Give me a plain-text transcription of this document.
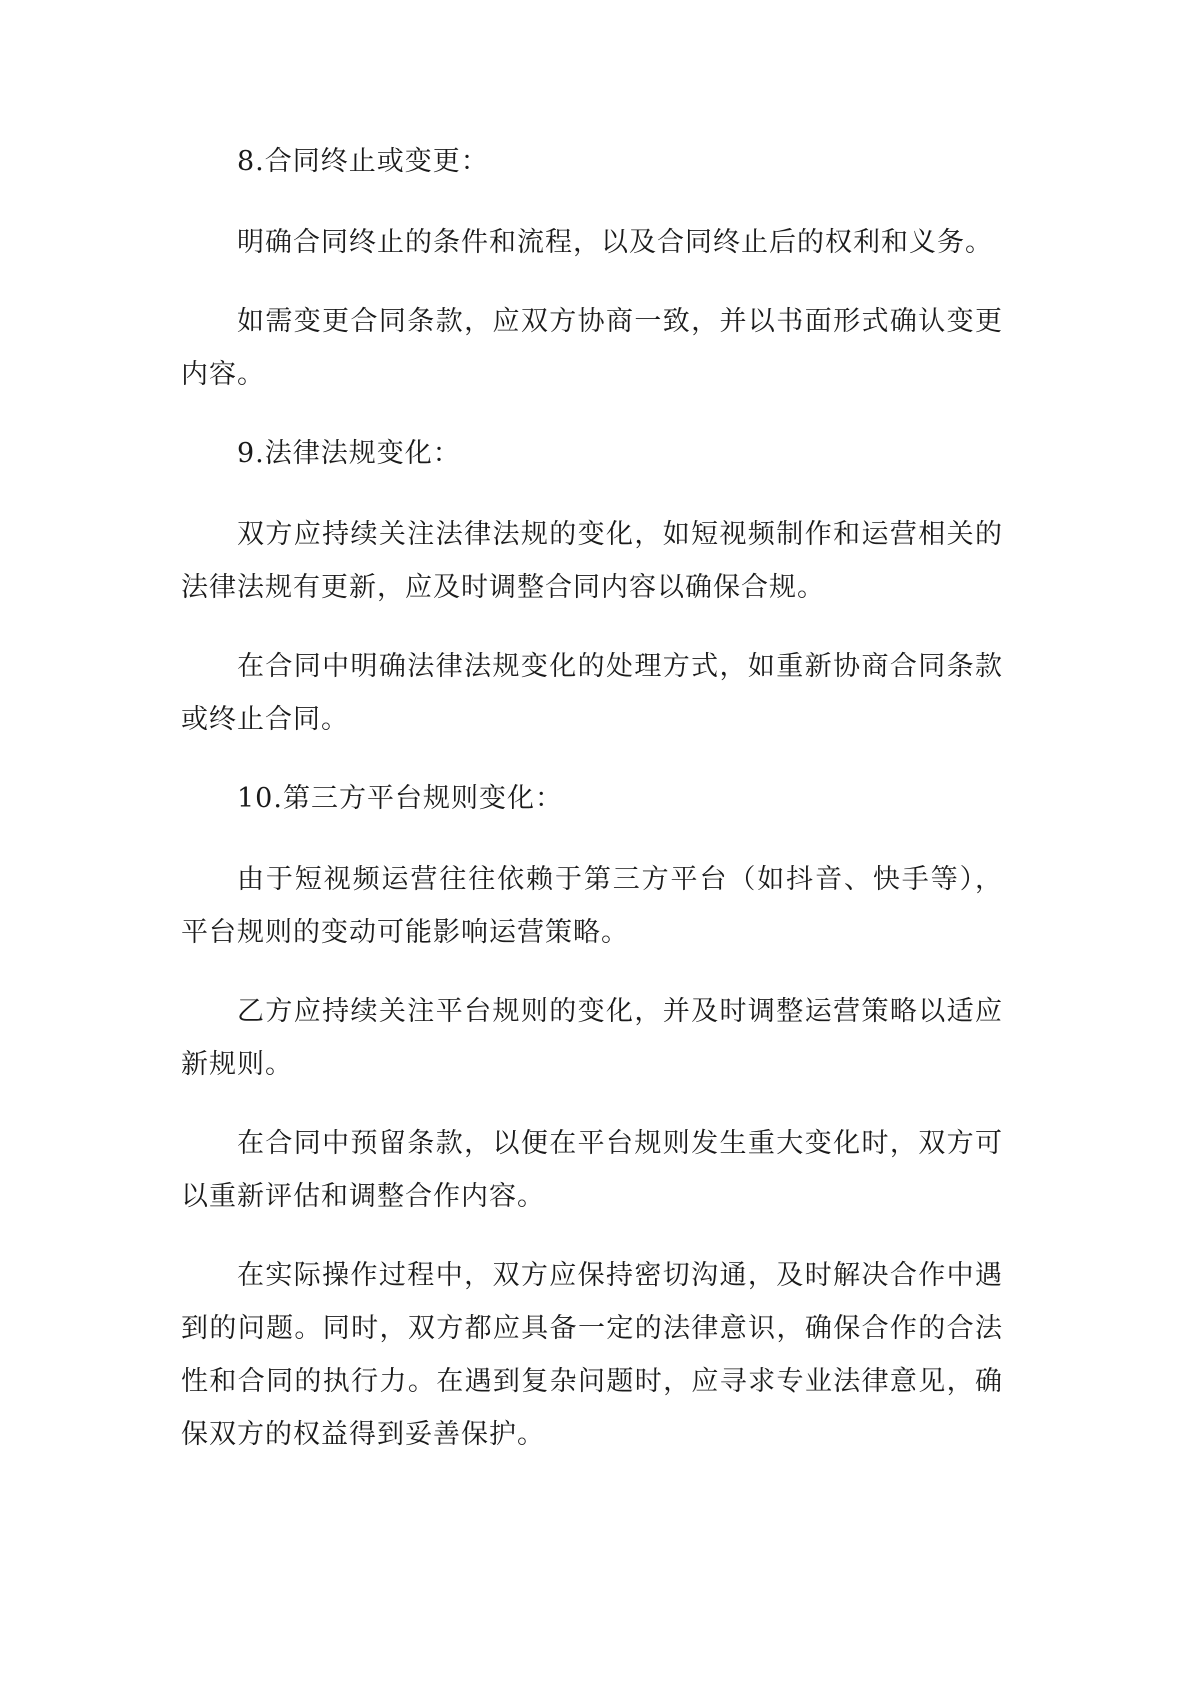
8.合同终止或变更：

明确合同终止的条件和流程，以及合同终止后的权利和义务。

如需变更合同条款，应双方协商一致，并以书面形式确认变更内容。

9.法律法规变化：

双方应持续关注法律法规的变化，如短视频制作和运营相关的法律法规有更新，应及时调整合同内容以确保合规。

在合同中明确法律法规变化的处理方式，如重新协商合同条款或终止合同。

10.第三方平台规则变化：

由于短视频运营往往依赖于第三方平台（如抖音、快手等），平台规则的变动可能影响运营策略。

乙方应持续关注平台规则的变化，并及时调整运营策略以适应新规则。

在合同中预留条款，以便在平台规则发生重大变化时，双方可以重新评估和调整合作内容。

在实际操作过程中，双方应保持密切沟通，及时解决合作中遇到的问题。同时，双方都应具备一定的法律意识，确保合作的合法性和合同的执行力。在遇到复杂问题时，应寻求专业法律意见，确保双方的权益得到妥善保护。
